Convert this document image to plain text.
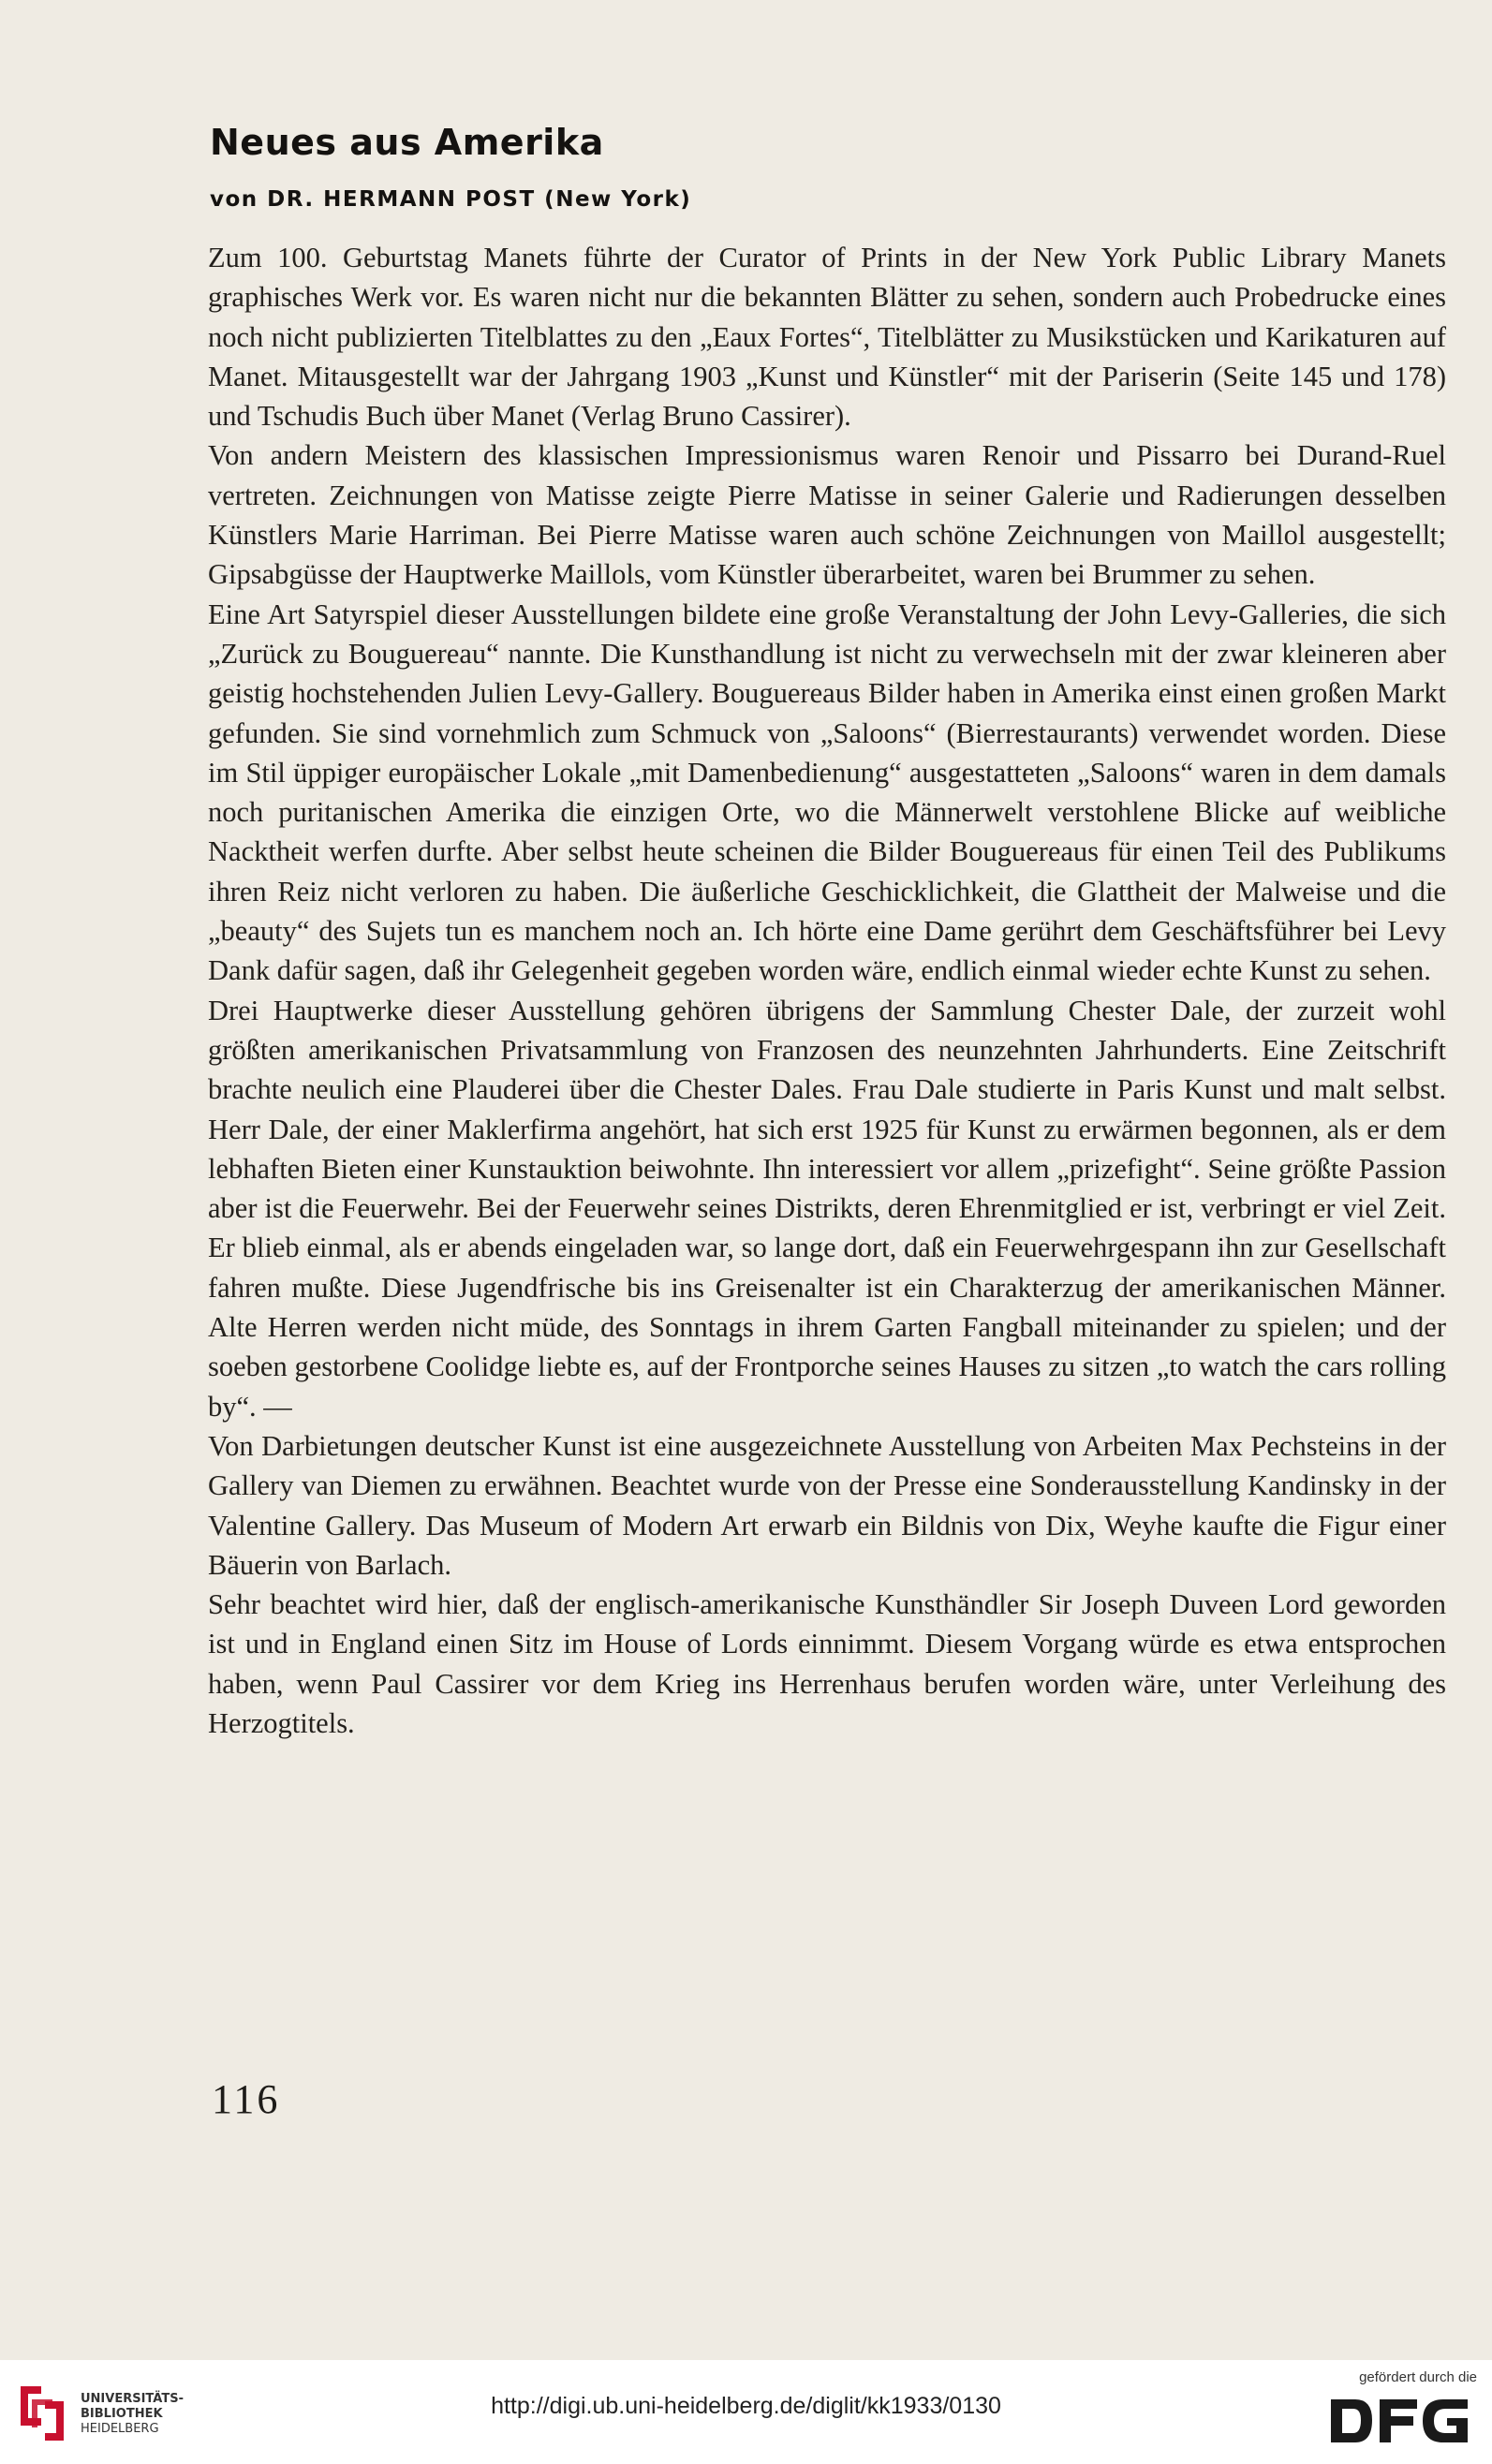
Neues aus Amerika
von DR. HERMANN POST (New York)

Zum 100. Geburtstag Manets führte der Curator of Prints in der New York Public Library Manets graphisches Werk vor. Es waren nicht nur die bekannten Blätter zu sehen, sondern auch Probedrucke eines noch nicht publizierten Titelblattes zu den „Eaux Fortes“, Titelblätter zu Musikstücken und Karikaturen auf Manet. Mitausgestellt war der Jahrgang 1903 „Kunst und Künstler“ mit der Pariserin (Seite 145 und 178) und Tschudis Buch über Manet (Verlag Bruno Cassirer).

Von andern Meistern des klassischen Impressionismus waren Renoir und Pissarro bei Durand-Ruel vertreten. Zeichnungen von Matisse zeigte Pierre Matisse in seiner Galerie und Radierungen desselben Künstlers Marie Harriman. Bei Pierre Matisse waren auch schöne Zeichnungen von Maillol ausgestellt; Gipsabgüsse der Hauptwerke Maillols, vom Künstler überarbeitet, waren bei Brummer zu sehen.

Eine Art Satyrspiel dieser Ausstellungen bildete eine große Veranstaltung der John Levy-Galleries, die sich „Zurück zu Bouguereau“ nannte. Die Kunsthandlung ist nicht zu verwechseln mit der zwar kleineren aber geistig hochstehenden Julien Levy-Gallery. Bouguereaus Bilder haben in Amerika einst einen großen Markt gefunden. Sie sind vornehmlich zum Schmuck von „Saloons“ (Bierrestaurants) verwendet worden. Diese im Stil üppiger europäischer Lokale „mit Damenbedienung“ ausgestatteten „Saloons“ waren in dem damals noch puritanischen Amerika die einzigen Orte, wo die Männerwelt verstohlene Blicke auf weibliche Nacktheit werfen durfte. Aber selbst heute scheinen die Bilder Bouguereaus für einen Teil des Publikums ihren Reiz nicht verloren zu haben. Die äußerliche Geschicklichkeit, die Glattheit der Malweise und die „beauty“ des Sujets tun es manchem noch an. Ich hörte eine Dame gerührt dem Geschäftsführer bei Levy Dank dafür sagen, daß ihr Gelegenheit gegeben worden wäre, endlich einmal wieder echte Kunst zu sehen.

Drei Hauptwerke dieser Ausstellung gehören übrigens der Sammlung Chester Dale, der zurzeit wohl größten amerikanischen Privatsammlung von Franzosen des neunzehnten Jahrhunderts. Eine Zeitschrift brachte neulich eine Plauderei über die Chester Dales. Frau Dale studierte in Paris Kunst und malt selbst. Herr Dale, der einer Maklerfirma angehört, hat sich erst 1925 für Kunst zu erwärmen begonnen, als er dem lebhaften Bieten einer Kunstauktion beiwohnte. Ihn interessiert vor allem „prizefight“. Seine größte Passion aber ist die Feuerwehr. Bei der Feuerwehr seines Distrikts, deren Ehrenmitglied er ist, verbringt er viel Zeit. Er blieb einmal, als er abends eingeladen war, so lange dort, daß ein Feuerwehrgespann ihn zur Gesellschaft fahren mußte. Diese Jugendfrische bis ins Greisenalter ist ein Charakterzug der amerikanischen Männer. Alte Herren werden nicht müde, des Sonntags in ihrem Garten Fangball miteinander zu spielen; und der soeben gestorbene Coolidge liebte es, auf der Frontporche seines Hauses zu sitzen „to watch the cars rolling by“. —

Von Darbietungen deutscher Kunst ist eine ausgezeichnete Ausstellung von Arbeiten Max Pechsteins in der Gallery van Diemen zu erwähnen. Beachtet wurde von der Presse eine Sonderausstellung Kandinsky in der Valentine Gallery. Das Museum of Modern Art erwarb ein Bildnis von Dix, Weyhe kaufte die Figur einer Bäuerin von Barlach.

Sehr beachtet wird hier, daß der englisch-amerikanische Kunsthändler Sir Joseph Duveen Lord geworden ist und in England einen Sitz im House of Lords einnimmt. Diesem Vorgang würde es etwa entsprochen haben, wenn Paul Cassirer vor dem Krieg ins Herrenhaus berufen worden wäre, unter Verleihung des Herzogtitels.

116
UNIVERSITÄTS-
BIBLIOTHEK
HEIDELBERG
http://digi.ub.uni-heidelberg.de/diglit/kk1933/0130
gefördert durch die
